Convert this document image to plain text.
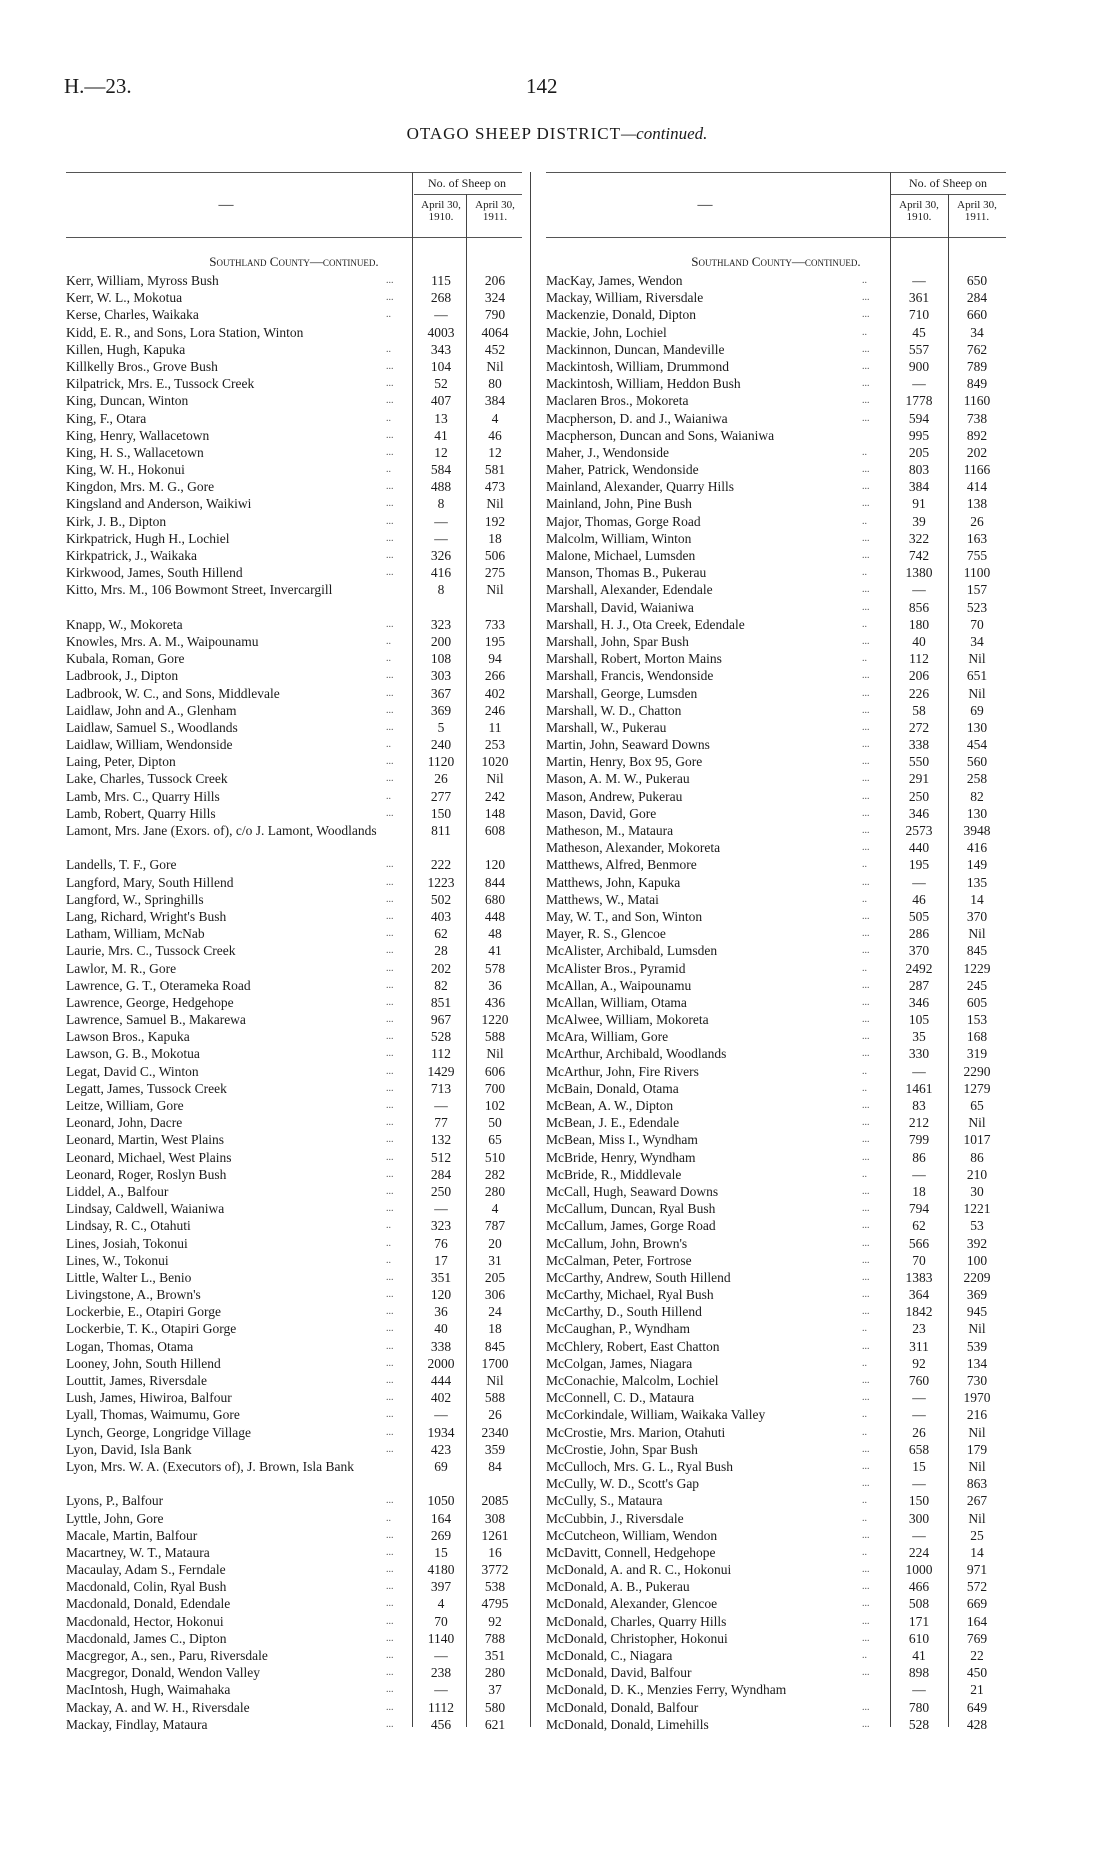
H.—23.	142
OTAGO SHEEP DISTRICT—continued.
—
No. of Sheep on
April 30,
1910.
April 30,
1911.
Southland County—continued.
Kerr, William, Myross Bush	...	115	206
Kerr, W. L., Mokotua	...	268	324
Kerse, Charles, Waikaka	..	—	790
Kidd, E. R., and Sons, Lora Station, Winton	4003	4064
Killen, Hugh, Kapuka	..	343	452
Killkelly Bros., Grove Bush	...	104	Nil
Kilpatrick, Mrs. E., Tussock Creek	...	52	80
King, Duncan, Winton	...	407	384
King, F., Otara	..	13	4
King, Henry, Wallacetown	...	41	46
King, H. S., Wallacetown	...	12	12
King, W. H., Hokonui	..	584	581
Kingdon, Mrs. M. G., Gore	...	488	473
Kingsland and Anderson, Waikiwi	...	8	Nil
Kirk, J. B., Dipton	...	—	192
Kirkpatrick, Hugh H., Lochiel	...	—	18
Kirkpatrick, J., Waikaka	...	326	506
Kirkwood, James, South Hillend	...	416	275
Kitto, Mrs. M., 106 Bowmont Street, Invercargill	8	Nil
Knapp, W., Mokoreta	...	323	733
Knowles, Mrs. A. M., Waipounamu	..	200	195
Kubala, Roman, Gore	..	108	94
Ladbrook, J., Dipton	...	303	266
Ladbrook, W. C., and Sons, Middlevale	...	367	402
Laidlaw, John and A., Glenham	...	369	246
Laidlaw, Samuel S., Woodlands	...	5	11
Laidlaw, William, Wendonside	..	240	253
Laing, Peter, Dipton	...	1120	1020
Lake, Charles, Tussock Creek	...	26	Nil
Lamb, Mrs. C., Quarry Hills	..	277	242
Lamb, Robert, Quarry Hills	...	150	148
Lamont, Mrs. Jane (Exors. of), c/o J. Lamont, Woodlands	811	608
Landells, T. F., Gore	...	222	120
Langford, Mary, South Hillend	...	1223	844
Langford, W., Springhills	...	502	680
Lang, Richard, Wright's Bush	...	403	448
Latham, William, McNab	...	62	48
Laurie, Mrs. C., Tussock Creek	...	28	41
Lawlor, M. R., Gore	...	202	578
Lawrence, G. T., Oterameka Road	...	82	36
Lawrence, George, Hedgehope	...	851	436
Lawrence, Samuel B., Makarewa	...	967	1220
Lawson Bros., Kapuka	...	528	588
Lawson, G. B., Mokotua	...	112	Nil
Legat, David C., Winton	...	1429	606
Legatt, James, Tussock Creek	...	713	700
Leitze, William, Gore	...	—	102
Leonard, John, Dacre	...	77	50
Leonard, Martin, West Plains	...	132	65
Leonard, Michael, West Plains	...	512	510
Leonard, Roger, Roslyn Bush	...	284	282
Liddel, A., Balfour	...	250	280
Lindsay, Caldwell, Waianiwa	...	—	4
Lindsay, R. C., Otahuti	..	323	787
Lines, Josiah, Tokonui	..	76	20
Lines, W., Tokonui	..	17	31
Little, Walter L., Benio	...	351	205
Livingstone, A., Brown's	...	120	306
Lockerbie, E., Otapiri Gorge	...	36	24
Lockerbie, T. K., Otapiri Gorge	...	40	18
Logan, Thomas, Otama	...	338	845
Looney, John, South Hillend	...	2000	1700
Louttit, James, Riversdale	...	444	Nil
Lush, James, Hiwiroa, Balfour	...	402	588
Lyall, Thomas, Waimumu, Gore	...	—	26
Lynch, George, Longridge Village	...	1934	2340
Lyon, David, Isla Bank	...	423	359
Lyon, Mrs. W. A. (Executors of), J. Brown, Isla Bank	69	84
Lyons, P., Balfour	...	1050	2085
Lyttle, John, Gore	..	164	308
Macale, Martin, Balfour	...	269	1261
Macartney, W. T., Mataura	...	15	16
Macaulay, Adam S., Ferndale	...	4180	3772
Macdonald, Colin, Ryal Bush	...	397	538
Macdonald, Donald, Edendale	...	4	4795
Macdonald, Hector, Hokonui	...	70	92
Macdonald, James C., Dipton	...	1140	788
Macgregor, A., sen., Paru, Riversdale	...	—	351
Macgregor, Donald, Wendon Valley	...	238	280
MacIntosh, Hugh, Waimahaka	...	—	37
Mackay, A. and W. H., Riversdale	...	1112	580
Mackay, Findlay, Mataura	...	456	621
—
No. of Sheep on
April 30,
1910.
April 30,
1911.
Southland County—continued.
MacKay, James, Wendon	..	—	650
Mackay, William, Riversdale	...	361	284
Mackenzie, Donald, Dipton	...	710	660
Mackie, John, Lochiel	..	45	34
Mackinnon, Duncan, Mandeville	...	557	762
Mackintosh, William, Drummond	...	900	789
Mackintosh, William, Heddon Bush	...	—	849
Maclaren Bros., Mokoreta	...	1778	1160
Macpherson, D. and J., Waianiwa	...	594	738
Macpherson, Duncan and Sons, Waianiwa	995	892
Maher, J., Wendonside	..	205	202
Maher, Patrick, Wendonside	...	803	1166
Mainland, Alexander, Quarry Hills	...	384	414
Mainland, John, Pine Bush	...	91	138
Major, Thomas, Gorge Road	..	39	26
Malcolm, William, Winton	...	322	163
Malone, Michael, Lumsden	...	742	755
Manson, Thomas B., Pukerau	..	1380	1100
Marshall, Alexander, Edendale	...	—	157
Marshall, David, Waianiwa	...	856	523
Marshall, H. J., Ota Creek, Edendale	..	180	70
Marshall, John, Spar Bush	...	40	34
Marshall, Robert, Morton Mains	..	112	Nil
Marshall, Francis, Wendonside	...	206	651
Marshall, George, Lumsden	...	226	Nil
Marshall, W. D., Chatton	...	58	69
Marshall, W., Pukerau	...	272	130
Martin, John, Seaward Downs	...	338	454
Martin, Henry, Box 95, Gore	...	550	560
Mason, A. M. W., Pukerau	...	291	258
Mason, Andrew, Pukerau	...	250	82
Mason, David, Gore	...	346	130
Matheson, M., Mataura	...	2573	3948
Matheson, Alexander, Mokoreta	...	440	416
Matthews, Alfred, Benmore	..	195	149
Matthews, John, Kapuka	...	—	135
Matthews, W., Matai	..	46	14
May, W. T., and Son, Winton	...	505	370
Mayer, R. S., Glencoe	...	286	Nil
McAlister, Archibald, Lumsden	...	370	845
McAlister Bros., Pyramid	..	2492	1229
McAllan, A., Waipounamu	...	287	245
McAllan, William, Otama	...	346	605
McAlwee, William, Mokoreta	...	105	153
McAra, William, Gore	...	35	168
McArthur, Archibald, Woodlands	...	330	319
McArthur, John, Fire Rivers	..	—	2290
McBain, Donald, Otama	..	1461	1279
McBean, A. W., Dipton	...	83	65
McBean, J. E., Edendale	...	212	Nil
McBean, Miss I., Wyndham	...	799	1017
McBride, Henry, Wyndham	...	86	86
McBride, R., Middlevale	..	—	210
McCall, Hugh, Seaward Downs	...	18	30
McCallum, Duncan, Ryal Bush	...	794	1221
McCallum, James, Gorge Road	...	62	53
McCallum, John, Brown's	...	566	392
McCalman, Peter, Fortrose	...	70	100
McCarthy, Andrew, South Hillend	...	1383	2209
McCarthy, Michael, Ryal Bush	...	364	369
McCarthy, D., South Hillend	...	1842	945
McCaughan, P., Wyndham	..	23	Nil
McChlery, Robert, East Chatton	...	311	539
McColgan, James, Niagara	..	92	134
McConachie, Malcolm, Lochiel	...	760	730
McConnell, C. D., Mataura	...	—	1970
McCorkindale, William, Waikaka Valley	..	—	216
McCrostie, Mrs. Marion, Otahuti	..	26	Nil
McCrostie, John, Spar Bush	...	658	179
McCulloch, Mrs. G. L., Ryal Bush	...	15	Nil
McCully, W. D., Scott's Gap	...	—	863
McCully, S., Mataura	..	150	267
McCubbin, J., Riversdale	..	300	Nil
McCutcheon, William, Wendon	...	—	25
McDavitt, Connell, Hedgehope	..	224	14
McDonald, A. and R. C., Hokonui	...	1000	971
McDonald, A. B., Pukerau	...	466	572
McDonald, Alexander, Glencoe	...	508	669
McDonald, Charles, Quarry Hills	...	171	164
McDonald, Christopher, Hokonui	...	610	769
McDonald, C., Niagara	..	41	22
McDonald, David, Balfour	...	898	450
McDonald, D. K., Menzies Ferry, Wyndham	—	21
McDonald, Donald, Balfour	...	780	649
McDonald, Donald, Limehills	...	528	428
